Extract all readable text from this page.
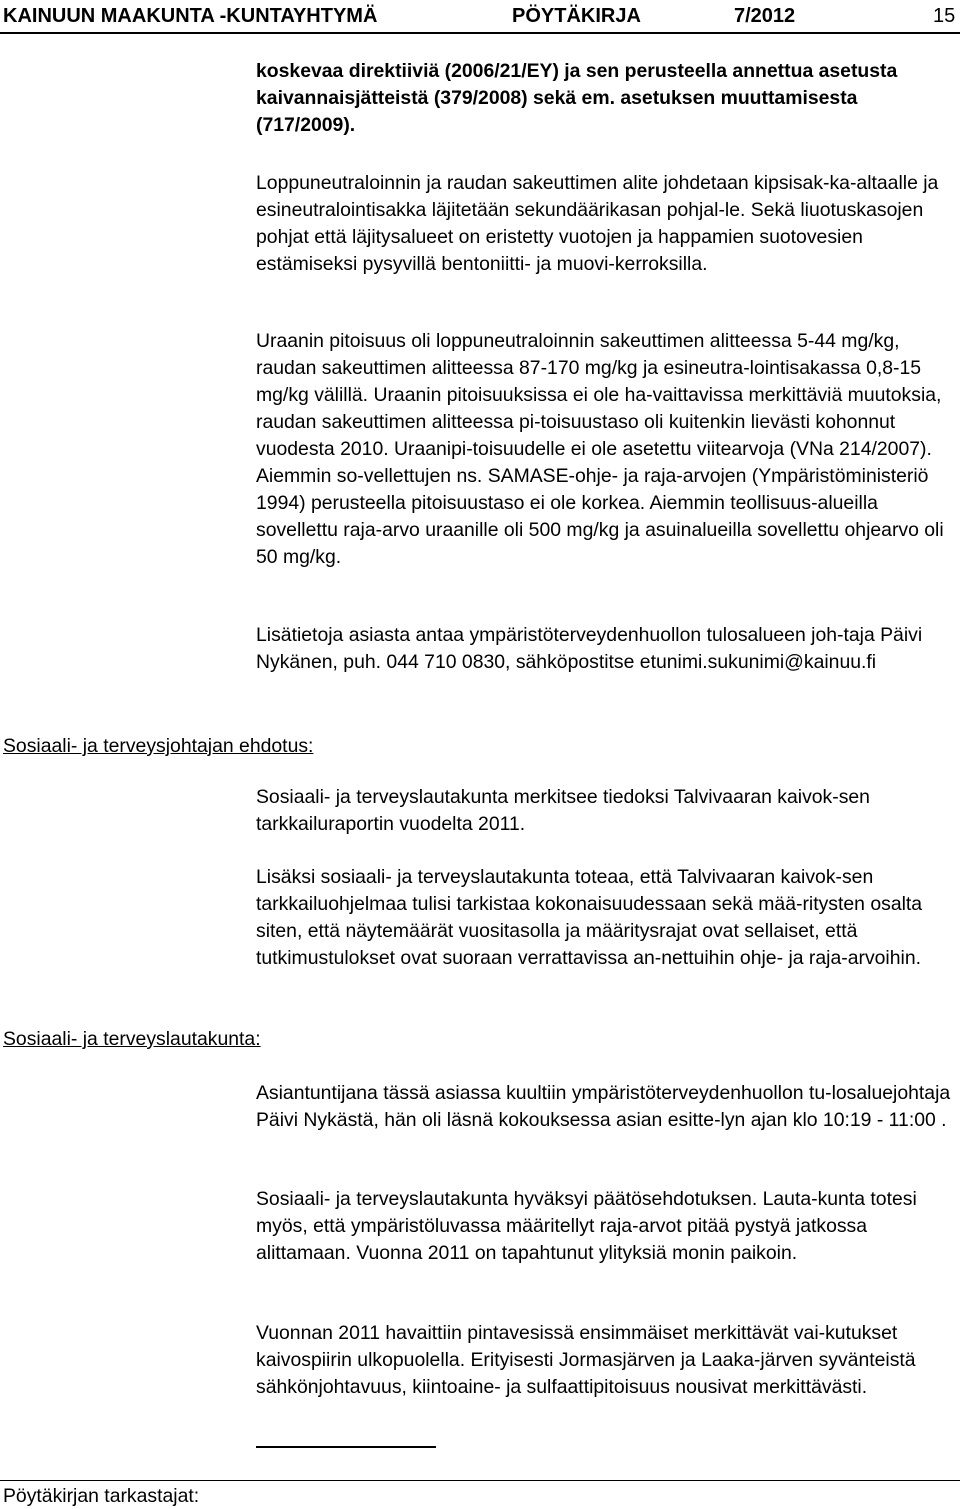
KAINUUN MAAKUNTA -KUNTAYHTYMÄ	PÖYTÄKIRJA	7/2012	15

koskevaa direktiiviä (2006/21/EY) ja sen perusteella annettua asetusta kaivannaisjätteistä (379/2008) sekä em. asetuksen muuttamisesta (717/2009).

Loppuneutraloinnin ja raudan sakeuttimen alite johdetaan kipsisak-ka-altaalle ja esineutralointisakka läjitetään sekundäärikasan pohjal-le. Sekä liuotuskasojen pohjat että läjitysalueet on eristetty vuotojen ja happamien suotovesien estämiseksi pysyvillä bentoniitti- ja muovi-kerroksilla.

Uraanin pitoisuus oli loppuneutraloinnin sakeuttimen alitteessa 5-44 mg/kg, raudan sakeuttimen alitteessa 87-170 mg/kg ja esineutra-lointisakassa 0,8-15 mg/kg välillä. Uraanin pitoisuuksissa ei ole ha-vaittavissa merkittäviä muutoksia, raudan sakeuttimen alitteessa pi-toisuustaso oli kuitenkin lievästi kohonnut vuodesta 2010. Uraanipi-toisuudelle ei ole asetettu viitearvoja (VNa 214/2007). Aiemmin so-vellettujen ns. SAMASE-ohje- ja raja-arvojen (Ympäristöministeriö 1994) perusteella pitoisuustaso ei ole korkea. Aiemmin teollisuus-alueilla sovellettu raja-arvo uraanille oli 500 mg/kg ja asuinalueilla sovellettu ohjearvo oli 50 mg/kg.

Lisätietoja asiasta antaa ympäristöterveydenhuollon tulosalueen joh-taja Päivi Nykänen, puh. 044 710 0830, sähköpostitse etunimi.sukunimi@kainuu.fi

Sosiaali- ja terveyslautakunta merkitsee tiedoksi Talvivaaran kaivok-sen tarkkailuraportin vuodelta 2011.

Lisäksi sosiaali- ja terveyslautakunta toteaa, että Talvivaaran kaivok-sen tarkkailuohjelmaa tulisi tarkistaa kokonaisuudessaan sekä mää-ritysten osalta siten, että näytemäärät vuositasolla ja määritysrajat ovat sellaiset, että tutkimustulokset ovat suoraan verrattavissa an-nettuihin ohje- ja raja-arvoihin.

Asiantuntijana tässä asiassa kuultiin ympäristöterveydenhuollon tu-losaluejohtaja Päivi Nykästä, hän oli läsnä kokouksessa asian esitte-lyn ajan klo 10:19 - 11:00 .

Sosiaali- ja terveyslautakunta hyväksyi päätösehdotuksen. Lauta-kunta totesi myös, että ympäristöluvassa määritellyt raja-arvot pitää pystyä jatkossa alittamaan. Vuonna 2011 on tapahtunut ylityksiä monin paikoin.

Vuonnan 2011 havaittiin pintavesissä ensimmäiset merkittävät vai-kutukset kaivospiirin ulkopuolella. Erityisesti Jormasjärven ja Laaka-järven syvänteistä sähkönjohtavuus, kiintoaine- ja sulfaattipitoisuus nousivat merkittävästi.

Sosiaali- ja terveysjohtajan ehdotus:
Sosiaali- ja terveyslautakunta:
Pöytäkirjan tarkastajat:
